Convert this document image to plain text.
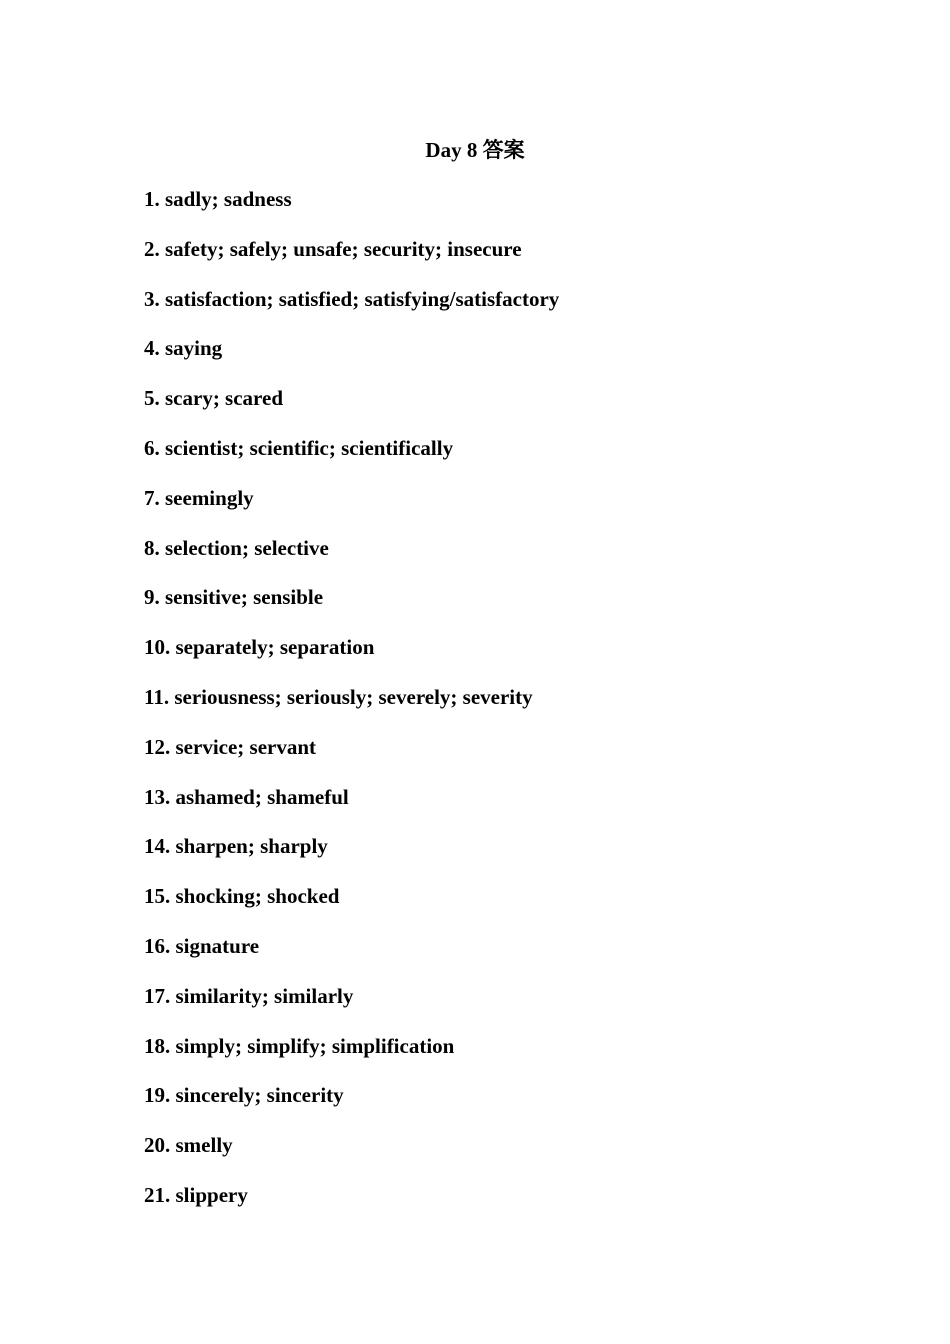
Day 8 答案
1. sadly; sadness
2. safety; safely; unsafe; security; insecure
3. satisfaction; satisfied; satisfying/satisfactory
4. saying
5. scary; scared
6. scientist; scientific; scientifically
7. seemingly
8. selection; selective
9. sensitive; sensible
10. separately; separation
11. seriousness; seriously; severely; severity
12. service; servant
13. ashamed; shameful
14. sharpen; sharply
15. shocking; shocked
16. signature
17. similarity; similarly
18. simply; simplify; simplification
19. sincerely; sincerity
20. smelly
21. slippery
